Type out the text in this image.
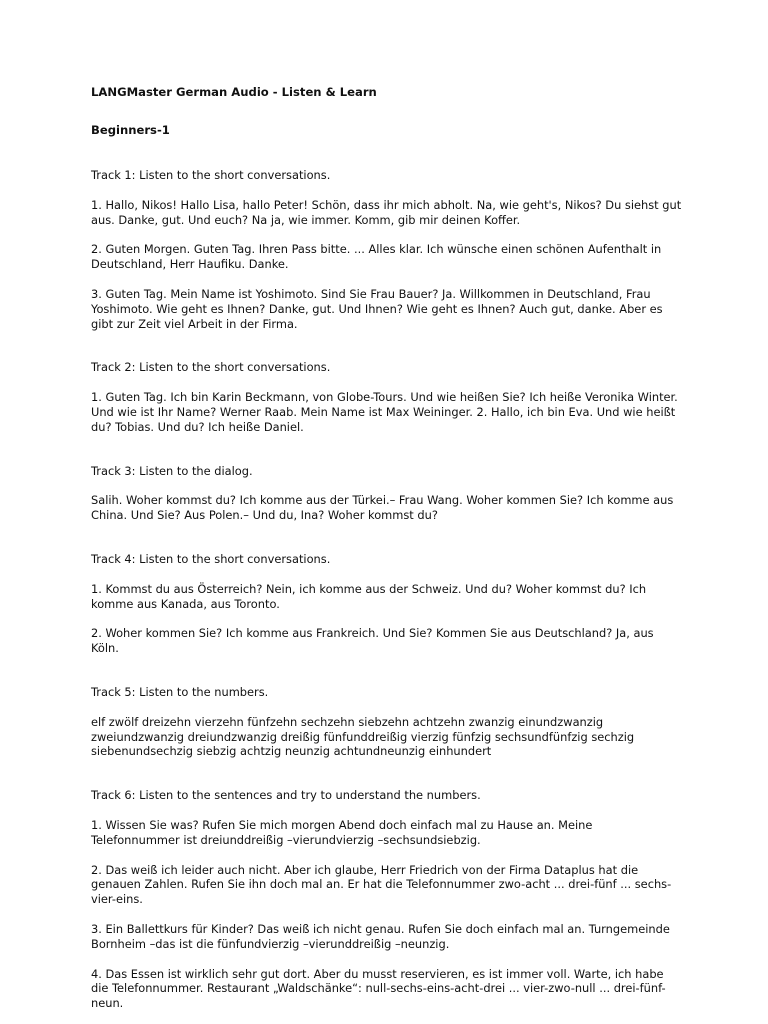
LANGMaster German Audio - Listen & Learn

Beginners-1

Track 1: Listen to the short conversations.

1. Hallo, Nikos! Hallo Lisa, hallo Peter! Schön, dass ihr mich abholt. Na, wie geht's, Nikos? Du siehst gut aus. Danke, gut. Und euch? Na ja, wie immer. Komm, gib mir deinen Koffer.

2. Guten Morgen. Guten Tag. Ihren Pass bitte. ... Alles klar. Ich wünsche einen schönen Aufenthalt in Deutschland, Herr Haufiku. Danke.

3. Guten Tag. Mein Name ist Yoshimoto. Sind Sie Frau Bauer? Ja. Willkommen in Deutschland, Frau Yoshimoto. Wie geht es Ihnen? Danke, gut. Und Ihnen? Wie geht es Ihnen? Auch gut, danke. Aber es gibt zur Zeit viel Arbeit in der Firma.

Track 2: Listen to the short conversations.

1. Guten Tag. Ich bin Karin Beckmann, von Globe-Tours. Und wie heißen Sie? Ich heiße Veronika Winter. Und wie ist Ihr Name? Werner Raab. Mein Name ist Max Weininger. 2. Hallo, ich bin Eva. Und wie heißt du? Tobias. Und du? Ich heiße Daniel.

Track 3: Listen to the dialog.

Salih. Woher kommst du? Ich komme aus der Türkei.– Frau Wang. Woher kommen Sie? Ich komme aus China. Und Sie? Aus Polen.– Und du, Ina? Woher kommst du?

Track 4: Listen to the short conversations.

1. Kommst du aus Österreich? Nein, ich komme aus der Schweiz. Und du? Woher kommst du? Ich komme aus Kanada, aus Toronto.

2. Woher kommen Sie? Ich komme aus Frankreich. Und Sie? Kommen Sie aus Deutschland? Ja, aus Köln.

Track 5: Listen to the numbers.

elf zwölf dreizehn vierzehn fünfzehn sechzehn siebzehn achtzehn zwanzig einundzwanzig zweiundzwanzig dreiundzwanzig dreißig fünfunddreißig vierzig fünfzig sechsundfünfzig sechzig siebenundsechzig siebzig achtzig neunzig achtundneunzig einhundert

Track 6: Listen to the sentences and try to understand the numbers.

1. Wissen Sie was? Rufen Sie mich morgen Abend doch einfach mal zu Hause an. Meine Telefonnummer ist dreiunddreißig –vierundvierzig –sechsundsiebzig.

2. Das weiß ich leider auch nicht. Aber ich glaube, Herr Friedrich von der Firma Dataplus hat die genauen Zahlen. Rufen Sie ihn doch mal an. Er hat die Telefonnummer zwo-acht ... drei-fünf ... sechs-vier-eins.

3. Ein Ballettkurs für Kinder? Das weiß ich nicht genau. Rufen Sie doch einfach mal an. Turngemeinde Bornheim –das ist die fünfundvierzig –vierunddreißig –neunzig.

4. Das Essen ist wirklich sehr gut dort. Aber du musst reservieren, es ist immer voll. Warte, ich habe die Telefonnummer. Restaurant „Waldschänke“: null-sechs-eins-acht-drei ... vier-zwo-null ... drei-fünf-neun.
